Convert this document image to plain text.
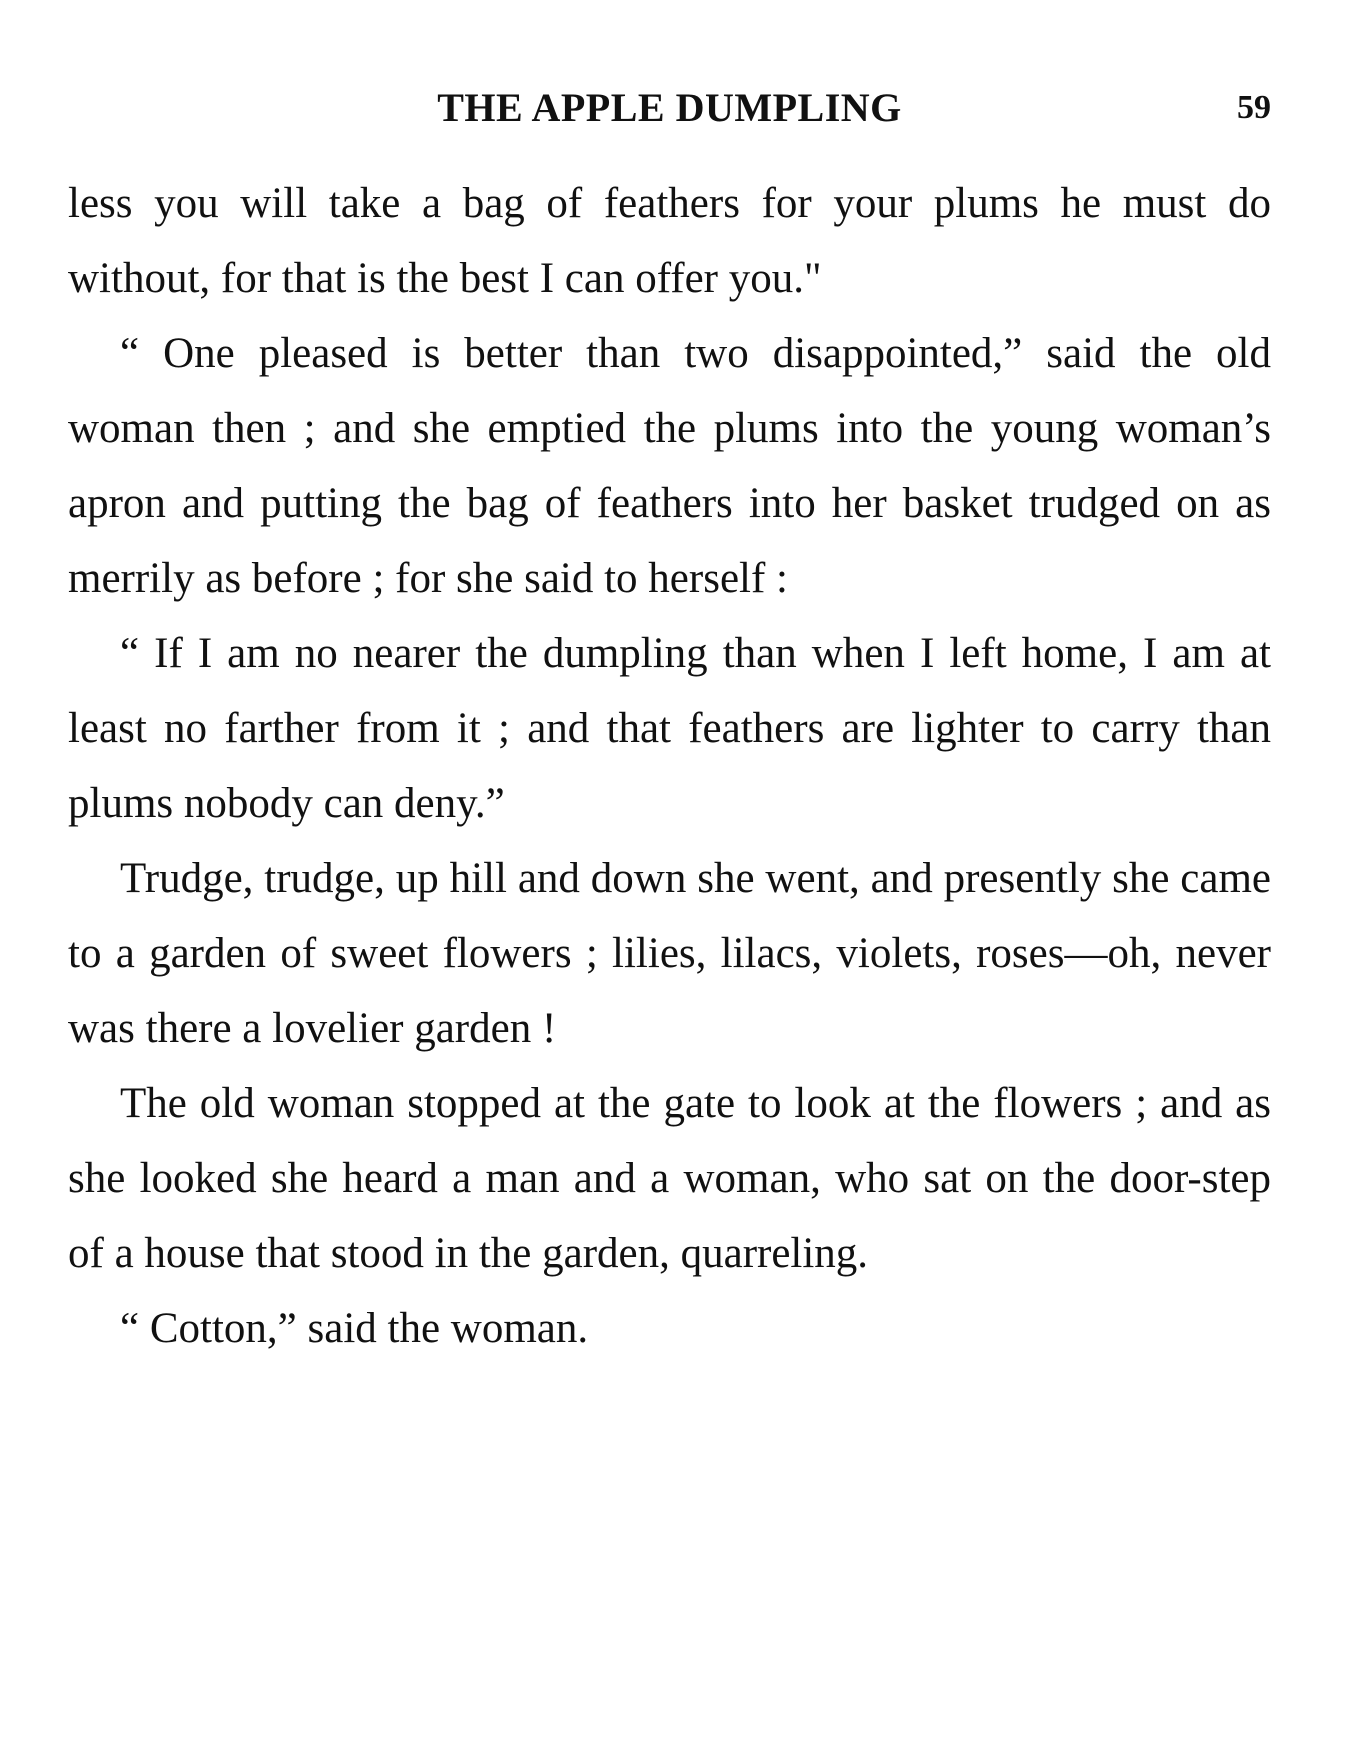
THE APPLE DUMPLING	59

less you will take a bag of feathers for your plums he must do without, for that is the best I can offer you."

“ One pleased is better than two disappointed,” said the old woman then ; and she emptied the plums into the young woman’s apron and putting the bag of feathers into her basket trudged on as merrily as before ; for she said to herself :

“ If I am no nearer the dumpling than when I left home, I am at least no farther from it ; and that feathers are lighter to carry than plums nobody can deny.”

Trudge, trudge, up hill and down she went, and presently she came to a garden of sweet flowers ; lilies, lilacs, violets, roses—oh, never was there a lovelier garden !

The old woman stopped at the gate to look at the flowers ; and as she looked she heard a man and a woman, who sat on the door-step of a house that stood in the garden, quarreling.

“ Cotton,” said the woman.
